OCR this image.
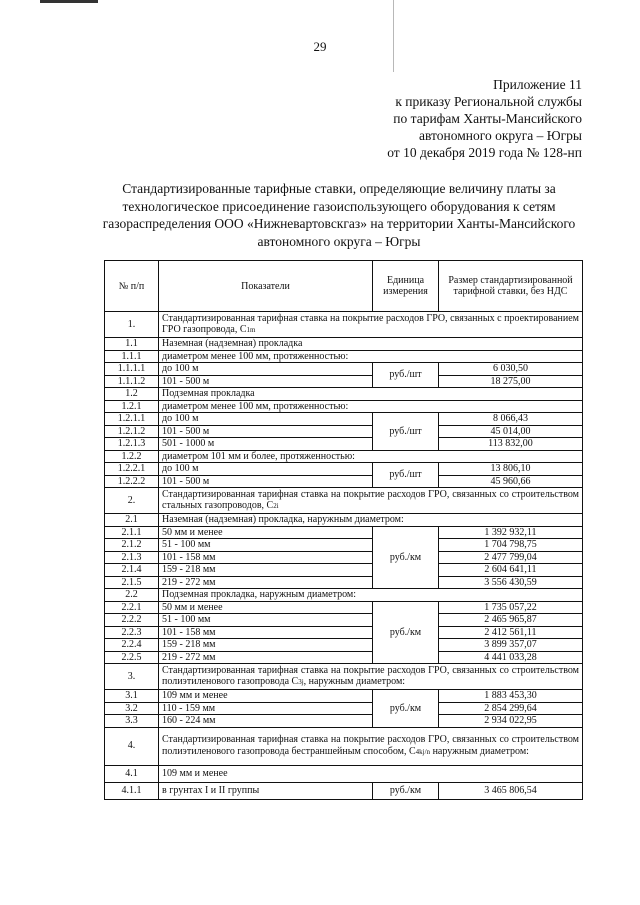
29
Приложение 11
к приказу Региональной службы
по тарифам Ханты-Мансийского
автономного округа – Югры
от 10 декабря 2019 года № 128-нп
Стандартизированные тарифные ставки, определяющие величину платы за технологическое присоединение газоиспользующего оборудования к сетям газораспределения ООО «Нижневартовскгаз» на территории Ханты-Мансийского автономного округа – Югры
№ п/п	Показатели	Единица измерения	Размер стандартизированной тарифной ставки, без НДС
1.	Стандартизированная тарифная ставка на покрытие расходов ГРО, связанных с проектированием ГРО газопровода, С1m		
1.1	Наземная (надземная) прокладка		
1.1.1	диаметром менее 100 мм, протяженностью:		
1.1.1.1	до 100 м	руб./шт	6 030,50
1.1.1.2	101 - 500 м		18 275,00
1.2	Подземная прокладка		
1.2.1	диаметром менее 100 мм, протяженностью:		
1.2.1.1	до 100 м	руб./шт	8 066,43
1.2.1.2	101 - 500 м		45 014,00
1.2.1.3	501 - 1000 м		113 832,00
1.2.2	диаметром 101 мм и более, протяженностью:		
1.2.2.1	до 100 м	руб./шт	13 806,10
1.2.2.2	101 - 500 м		45 960,66
2.	Стандартизированная тарифная ставка на покрытие расходов ГРО, связанных со строительством стальных газопроводов, С2i		
2.1	Наземная (надземная) прокладка, наружным диаметром:		
2.1.1	50 мм и менее	руб./км	1 392 932,11
2.1.2	51 - 100 мм		1 704 798,75
2.1.3	101 - 158 мм		2 477 799,04
2.1.4	159 - 218 мм		2 604 641,11
2.1.5	219 - 272 мм		3 556 430,59
2.2	Подземная прокладка, наружным диаметром:		
2.2.1	50 мм и менее	руб./км	1 735 057,22
2.2.2	51 - 100 мм		2 465 965,87
2.2.3	101 - 158 мм		2 412 561,11
2.2.4	159 - 218 мм		3 899 357,07
2.2.5	219 - 272 мм		4 441 033,28
3.	Стандартизированная тарифная ставка на покрытие расходов ГРО, связанных со строительством полиэтиленового газопровода С3j, наружным диаметром:		
3.1	109 мм и менее	руб./км	1 883 453,30
3.2	110 - 159 мм		2 854 299,64
3.3	160 - 224 мм		2 934 022,95
4.	Стандартизированная тарифная ставка на покрытие расходов ГРО, связанных со строительством полиэтиленового газопровода бестраншейным способом, С4kj/n наружным диаметром:		
4.1	109 мм и менее		
4.1.1	в грунтах I и II группы	руб./км	3 465 806,54
